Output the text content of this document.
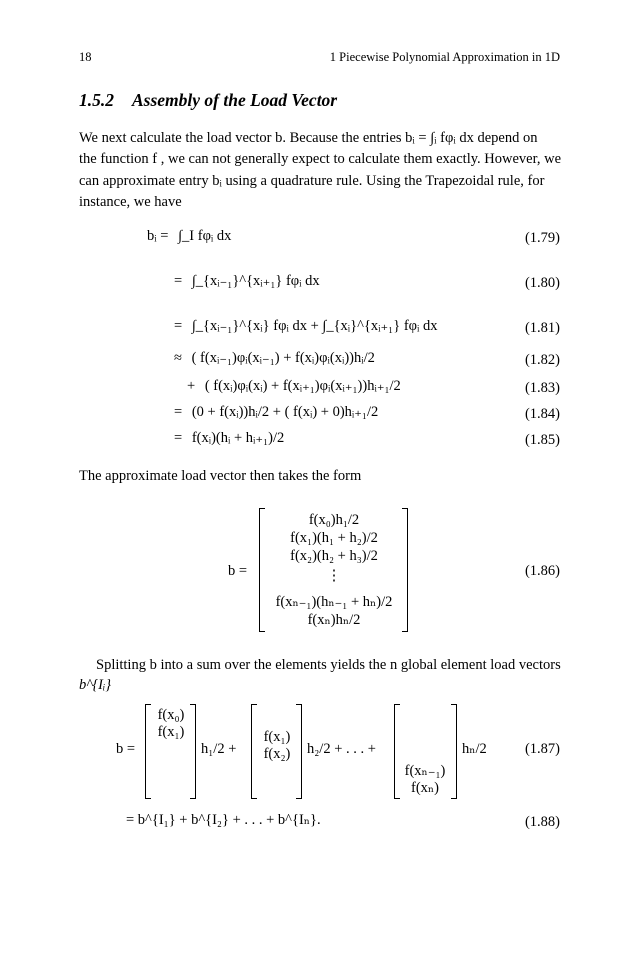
18	1 Piecewise Polynomial Approximation in 1D
1.5.2 Assembly of the Load Vector
We next calculate the load vector b. Because the entries bᵢ = ∫ᵢ fφᵢ dx depend on
the function f , we can not generally expect to calculate them exactly. However, we
can approximate entry bᵢ using a quadrature rule. Using the Trapezoidal rule, for
instance, we have
bᵢ = ∫_I fφᵢ dx	(1.79)
= ∫_{xᵢ₋₁}^{xᵢ₊₁} fφᵢ dx	(1.80)
= ∫_{xᵢ₋₁}^{xᵢ} fφᵢ dx + ∫_{xᵢ}^{xᵢ₊₁} fφᵢ dx	(1.81)
≈ ( f(xᵢ₋₁)φᵢ(xᵢ₋₁) + f(xᵢ)φᵢ(xᵢ))hᵢ/2	(1.82)
+ ( f(xᵢ)φᵢ(xᵢ) + f(xᵢ₊₁)φᵢ(xᵢ₊₁))hᵢ₊₁/2	(1.83)
= (0 + f(xᵢ))hᵢ/2 + ( f(xᵢ) + 0)hᵢ₊₁/2	(1.84)
= f(xᵢ)(hᵢ + hᵢ₊₁)/2	(1.85)
The approximate load vector then takes the form
b =
f(x₀)h₁/2
f(x₁)(h₁ + h₂)/2
f(x₂)(h₂ + h₃)/2
⋮
f(xₙ₋₁)(hₙ₋₁ + hₙ)/2
f(xₙ)hₙ/2
(1.86)
Splitting b into a sum over the elements yields the n global element load vectors
b^{Iᵢ}
b =
f(x₀)
f(x₁)
h₁/2 +
f(x₁)
f(x₂)	h₂/2 + . . . +
f(xₙ₋₁)
f(xₙ)
hₙ/2	(1.87)
= b^{I₁} + b^{I₂} + . . . + b^{Iₙ}.	(1.88)
